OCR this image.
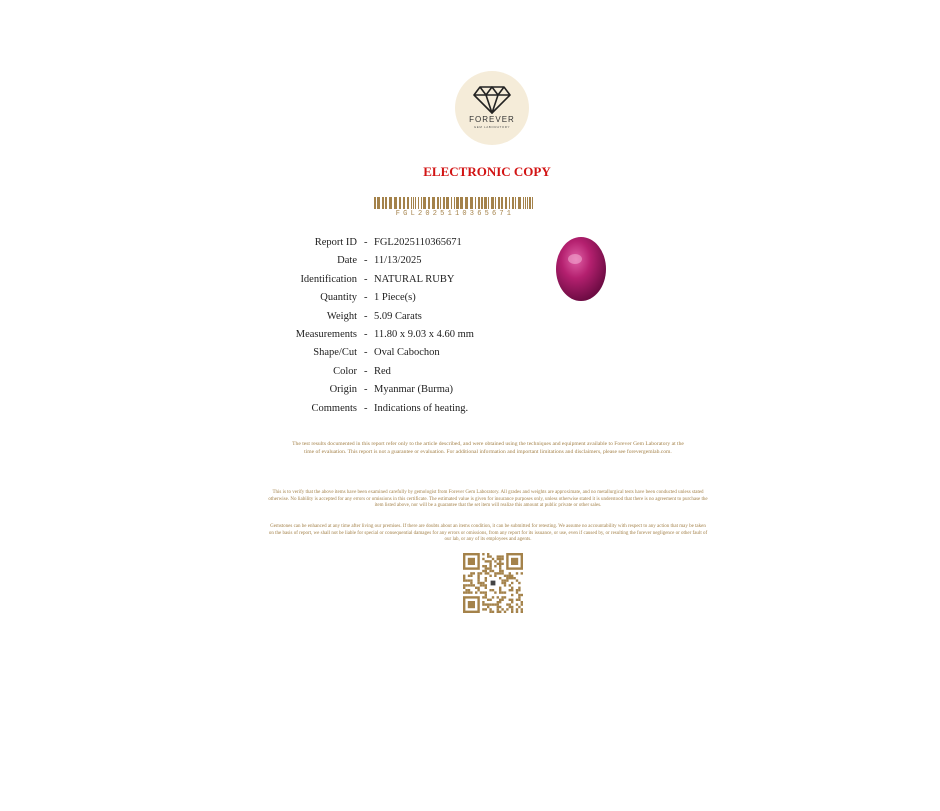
FOREVER
GEM LABORATORY
ELECTRONIC COPY
FGL2025110365671
Report ID - FGL2025110365671
Date - 11/13/2025
Identification - NATURAL RUBY
Quantity - 1 Piece(s)
Weight - 5.09 Carats
Measurements - 11.80 x 9.03 x 4.60 mm
Shape/Cut - Oval Cabochon
Color - Red
Origin - Myanmar (Burma)
Comments - Indications of heating.
The test results documented in this report refer only to the article described, and were obtained using the techniques and equipment available to Forever Gem Laboratory at the time of evaluation. This report is not a guarantee or evaluation. For additional information and important limitations and disclaimers, please see forevergemlab.com.
This is to verify that the above items have been examined carefully by gemologist from Forever Gem Laboratory. All grades and weights are approximate, and no metallurgical tests have been conducted unless stated otherwise. No liability is accepted for any errors or omissions in this certificate. The estimated value is given for insurance purposes only, unless otherwise stated it is understood that there is no agreement to purchase the item listed above, nor will be a guarantee that the set item will realize this amount at public private or other sales.
Gemstones can be enhanced at any time after living our premises. If there are doubts about an items condition, it can be submitted for retesting. We assume no accountability with respect to any action that may be taken on the basis of report, we shall not be liable for special or consequential damages for any errors or omissions, from any report for its issuance, or use, even if caused by, or resulting the forever negligence or other fault of our lab, or any of its employees and agents.
